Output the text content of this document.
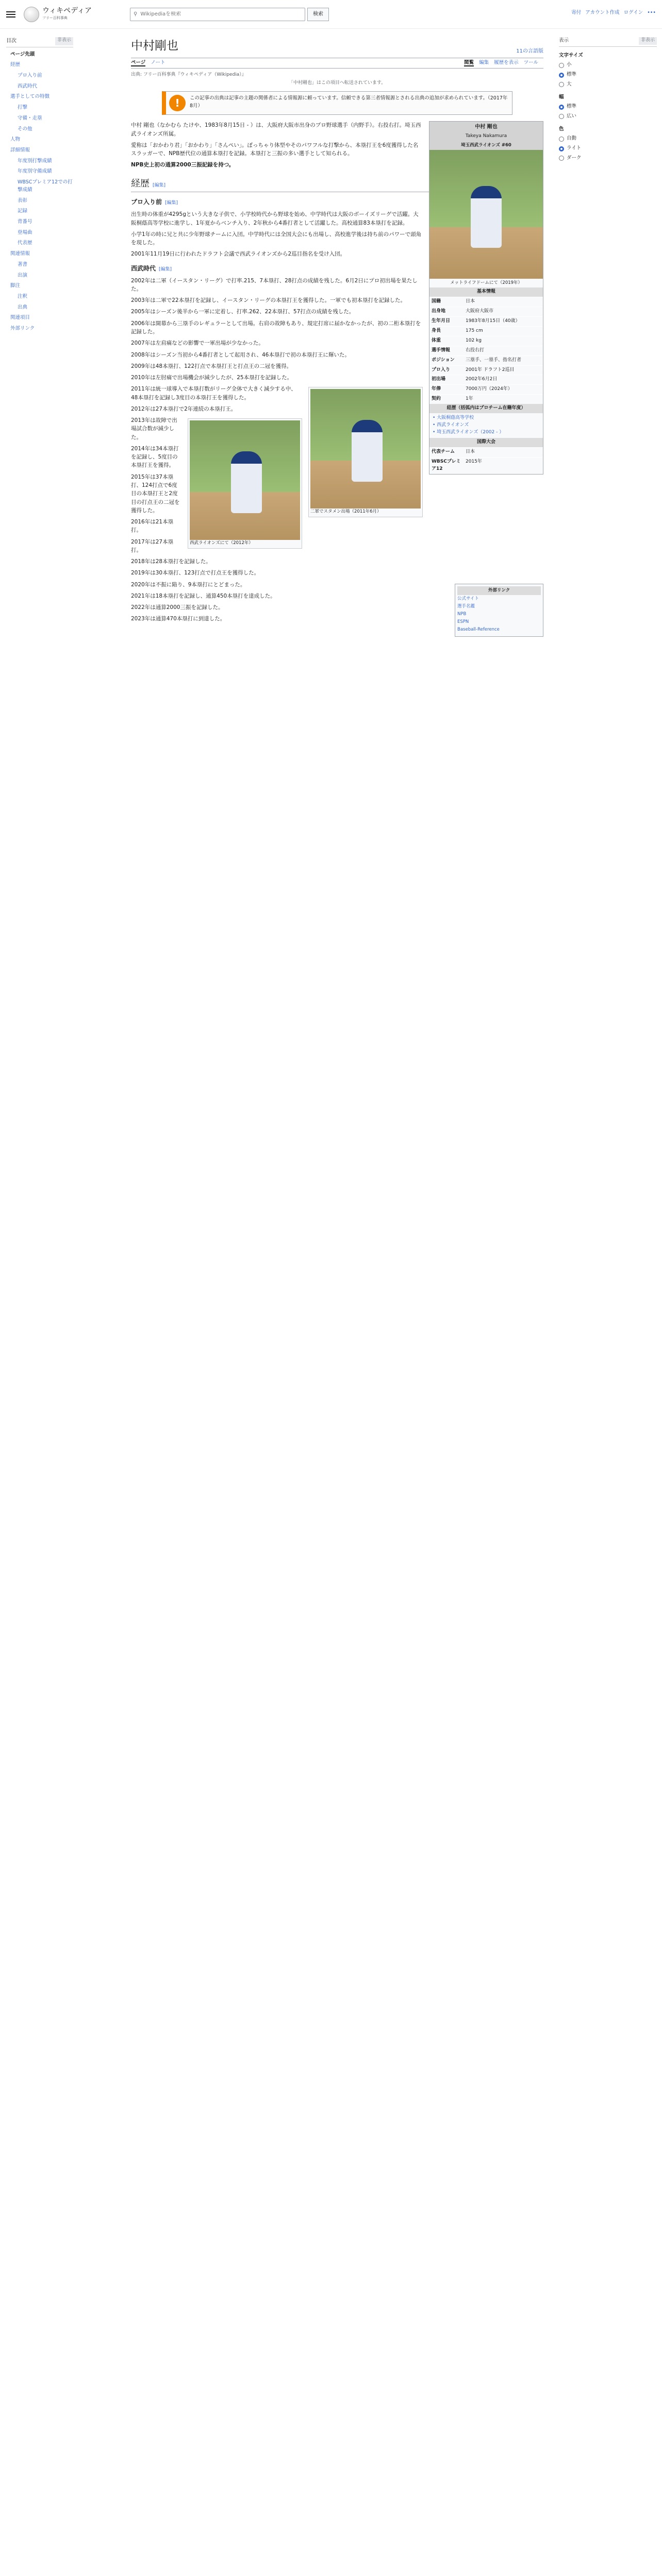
ウィキペディア
フリー百科事典
⚲
Wikipediaを検索	検索	寄付 アカウント作成 ログイン •••
目次	非表示
ページ先頭
経歴
プロ入り前
西武時代
選手としての特徴
打撃
守備・走塁
その他
人物
詳細情報
年度別打撃成績
年度別守備成績
WBSCプレミア12での打撃成績
表彰
記録
背番号
登場曲
代表歴
関連情報
著書
出演
脚注
注釈
出典
関連項目
外部リンク
中村剛也	11の言語版
ページ ノート	閲覧 編集 履歴を表示 ツール
出典: フリー百科事典『ウィキペディア（Wikipedia）』
「中村剛也」はこの項目へ転送されています。
!	この記事の出典は記事の主題の関係者による情報源に頼っています。信頼できる第三者情報源とされる出典の追加が求められています。（2017年8月）
中村 剛也
Takeya Nakamura
埼玉西武ライオンズ #60
メットライフドームにて（2019年）
基本情報
国籍	日本
出身地	大阪府大阪市
生年月日	1983年8月15日（40歳）
身長	175 cm
体重	102 kg
選手情報	右投右打
ポジション	三塁手、一塁手、指名打者
プロ入り	2001年 ドラフト2巡目
初出場	2002年6月2日
年俸	7000万円（2024年）
契約	1年
経歴（括弧内はプロチーム在籍年度）
• 大阪桐蔭高等学校
• 西武ライオンズ
• 埼玉西武ライオンズ（2002 - ）
国際大会
代表チーム	日本
WBSCプレミア12	2015年

中村 剛也（なかむら たけや、1983年8月15日 - ）は、大阪府大阪市出身のプロ野球選手（内野手）。右投右打。埼玉西武ライオンズ所属。

愛称は「おかわり君」「おかわり」「さんぺい」。ぽっちゃり体型やそのパワフルな打撃から、本塁打王を6度獲得した名スラッガーで、NPB歴代位の通算本塁打を記録。本塁打と三振の多い選手として知られる。

NPB史上初の通算2000三振記録を持つ。

経歴 [編集]
プロ入り前 [編集]

出生時の体重が4295gという大きな子供で、小学校時代から野球を始め、中学時代は大阪のボーイズリーグで活躍。大阪桐蔭高等学校に進学し、1年夏からベンチ入り、2年秋から4番打者として活躍した。高校通算83本塁打を記録。

小学1年の時に兄と共に少年野球チームに入団。中学時代には全国大会にも出場し、高校進学後は持ち前のパワーで頭角を現した。

2001年11月19日に行われたドラフト会議で西武ライオンズから2巡目指名を受け入団。

西武時代 [編集]

2002年は二軍（イースタン・リーグ）で打率.215、7本塁打、28打点の成績を残した。6月2日にプロ初出場を果たした。

2003年は二軍で22本塁打を記録し、イースタン・リーグの本塁打王を獲得した。一軍でも初本塁打を記録した。

2005年はシーズン後半から一軍に定着し、打率.262、22本塁打、57打点の成績を残した。

2006年は開幕から三塁手のレギュラーとして出場。右肩の故障もあり、規定打席に届かなかったが、初の二桁本塁打を記録した。

2007年は左肩痛などの影響で一軍出場が少なかった。

2008年はシーズン当初から4番打者として起用され、46本塁打で初の本塁打王に輝いた。

2009年は48本塁打、122打点で本塁打王と打点王の二冠を獲得。

2010年は左肘痛で出場機会が減少したが、25本塁打を記録した。

二軍でスタメン出場（2011年6月）

2011年は統一球導入で本塁打数がリーグ全体で大きく減少する中、48本塁打を記録し3度目の本塁打王を獲得した。

2012年は27本塁打で2年連続の本塁打王。

西武ライオンズにて（2012年）

2013年は故障で出場試合数が減少した。

2014年は34本塁打を記録し、5度目の本塁打王を獲得。

2015年は37本塁打、124打点で6度目の本塁打王と2度目の打点王の二冠を獲得した。

2016年は21本塁打。

2017年は27本塁打。

2018年は28本塁打を記録した。

2019年は30本塁打、123打点で打点王を獲得した。

外部リンク
公式サイト
選手名鑑
NPB
ESPN
Baseball-Reference

2020年は不振に陥り、9本塁打にとどまった。

2021年は18本塁打を記録し、通算450本塁打を達成した。

2022年は通算2000三振を記録した。

2023年は通算470本塁打に到達した。

表示	非表示
文字サイズ
小
標準
大
幅
標準
広い
色
自動
ライト
ダーク
